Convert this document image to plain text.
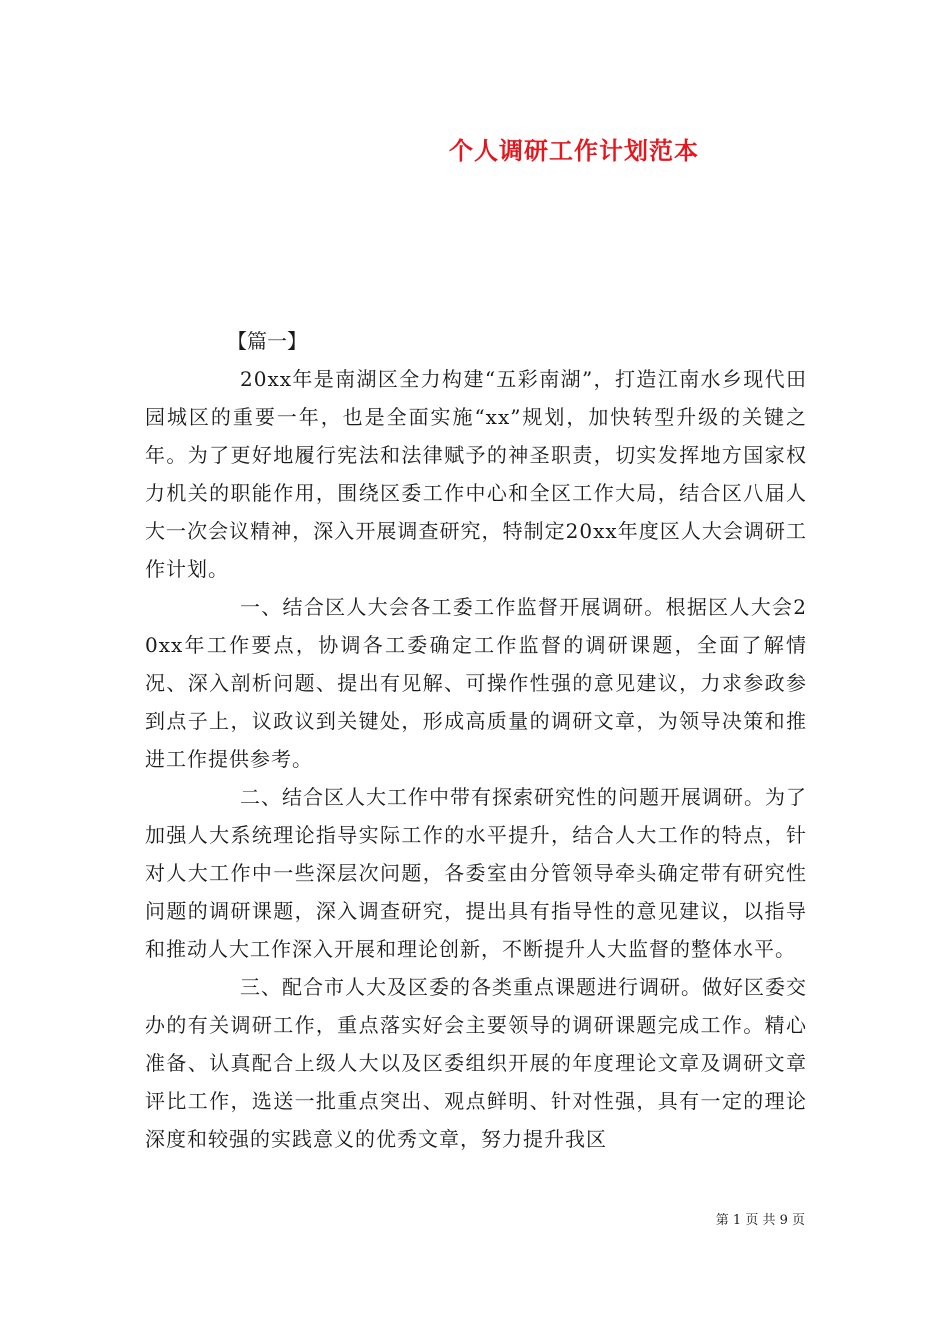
个人调研工作计划范本
【篇一】

20xx年是南湖区全力构建“五彩南湖”，打造江南水乡现代田园城区的重要一年，也是全面实施“xx”规划，加快转型升级的关键之年。为了更好地履行宪法和法律赋予的神圣职责，切实发挥地方国家权力机关的职能作用，围绕区委工作中心和全区工作大局，结合区八届人大一次会议精神，深入开展调查研究，特制定20xx年度区人大会调研工作计划。

一、结合区人大会各工委工作监督开展调研。根据区人大会20xx年工作要点，协调各工委确定工作监督的调研课题，全面了解情况、深入剖析问题、提出有见解、可操作性强的意见建议，力求参政参到点子上，议政议到关键处，形成高质量的调研文章，为领导决策和推进工作提供参考。

二、结合区人大工作中带有探索研究性的问题开展调研。为了加强人大系统理论指导实际工作的水平提升，结合人大工作的特点，针对人大工作中一些深层次问题，各委室由分管领导牵头确定带有研究性问题的调研课题，深入调查研究，提出具有指导性的意见建议，以指导和推动人大工作深入开展和理论创新，不断提升人大监督的整体水平。

三、配合市人大及区委的各类重点课题进行调研。做好区委交办的有关调研工作，重点落实好会主要领导的调研课题完成工作。精心准备、认真配合上级人大以及区委组织开展的年度理论文章及调研文章评比工作，选送一批重点突出、观点鲜明、针对性强，具有一定的理论深度和较强的实践意义的优秀文章，努力提升我区

第 1 页 共 9 页
